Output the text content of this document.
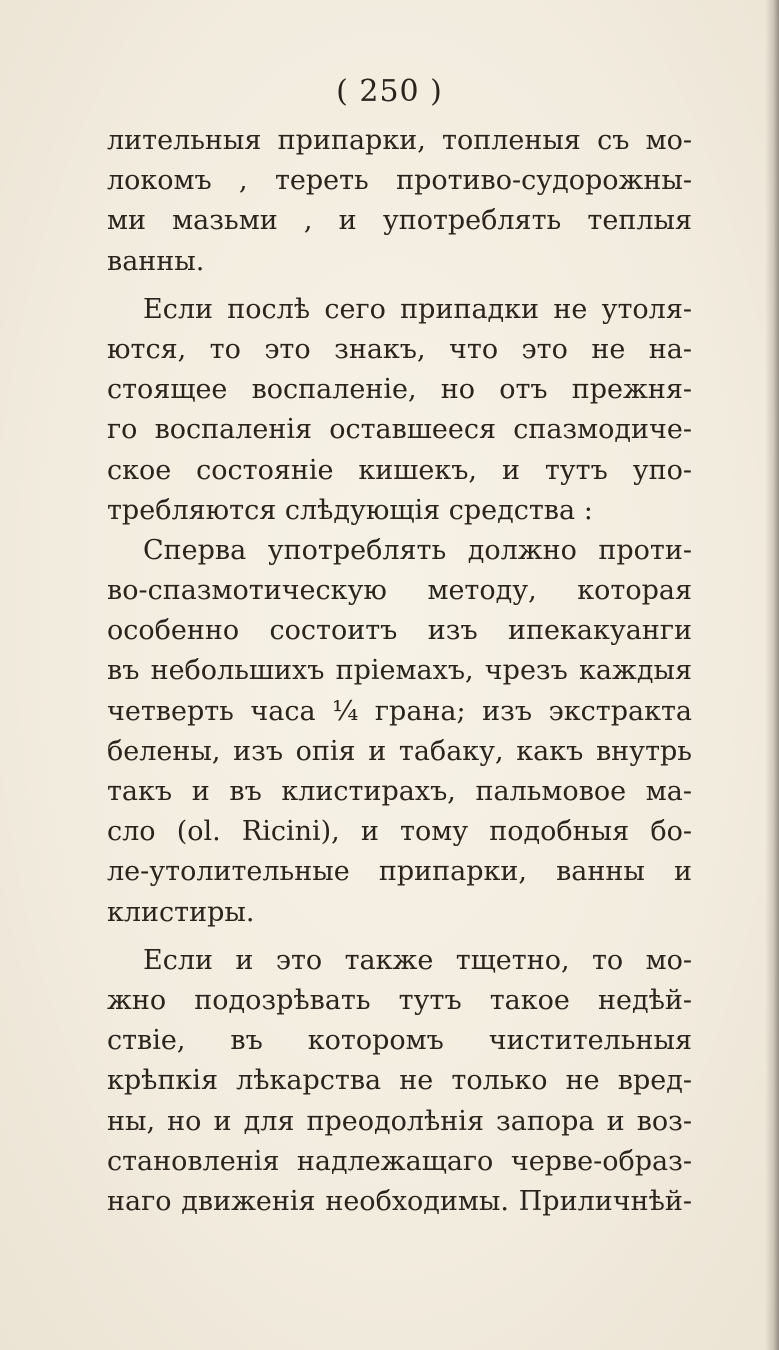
( 250 )
лительныя припарки, топленыя съ мо-
локомъ , тереть противо-судорожны-
ми мазьми , и употреблять теплыя
ванны.
Если послѣ сего припадки не утоля-
ются, то это знакъ, что это не на-
стоящее воспаленіе, но отъ прежня-
го воспаленія оставшееся спазмодиче-
ское состояніе кишекъ, и тутъ упо-
требляются слѣдующія средства :
Сперва употреблять должно проти-
во-спазмотическую методу, которая
особенно состоитъ изъ ипекакуанги
въ небольшихъ пріемахъ, чрезъ каждыя
четверть часа ¼ грана; изъ экстракта
белены, изъ опія и табаку, какъ внутрь
такъ и въ клистирахъ, пальмовое ма-
сло (ol. Ricini), и тому подобныя бо-
ле-утолительные припарки, ванны и
клистиры.
Если и это также тщетно, то мо-
жно подозрѣвать тутъ такое недѣй-
ствіе, въ которомъ чистительныя
крѣпкія лѣкарства не только не вред-
ны, но и для преодолѣнія запора и воз-
становленія надлежащаго черве-образ-
наго движенія необходимы. Приличнѣй-
